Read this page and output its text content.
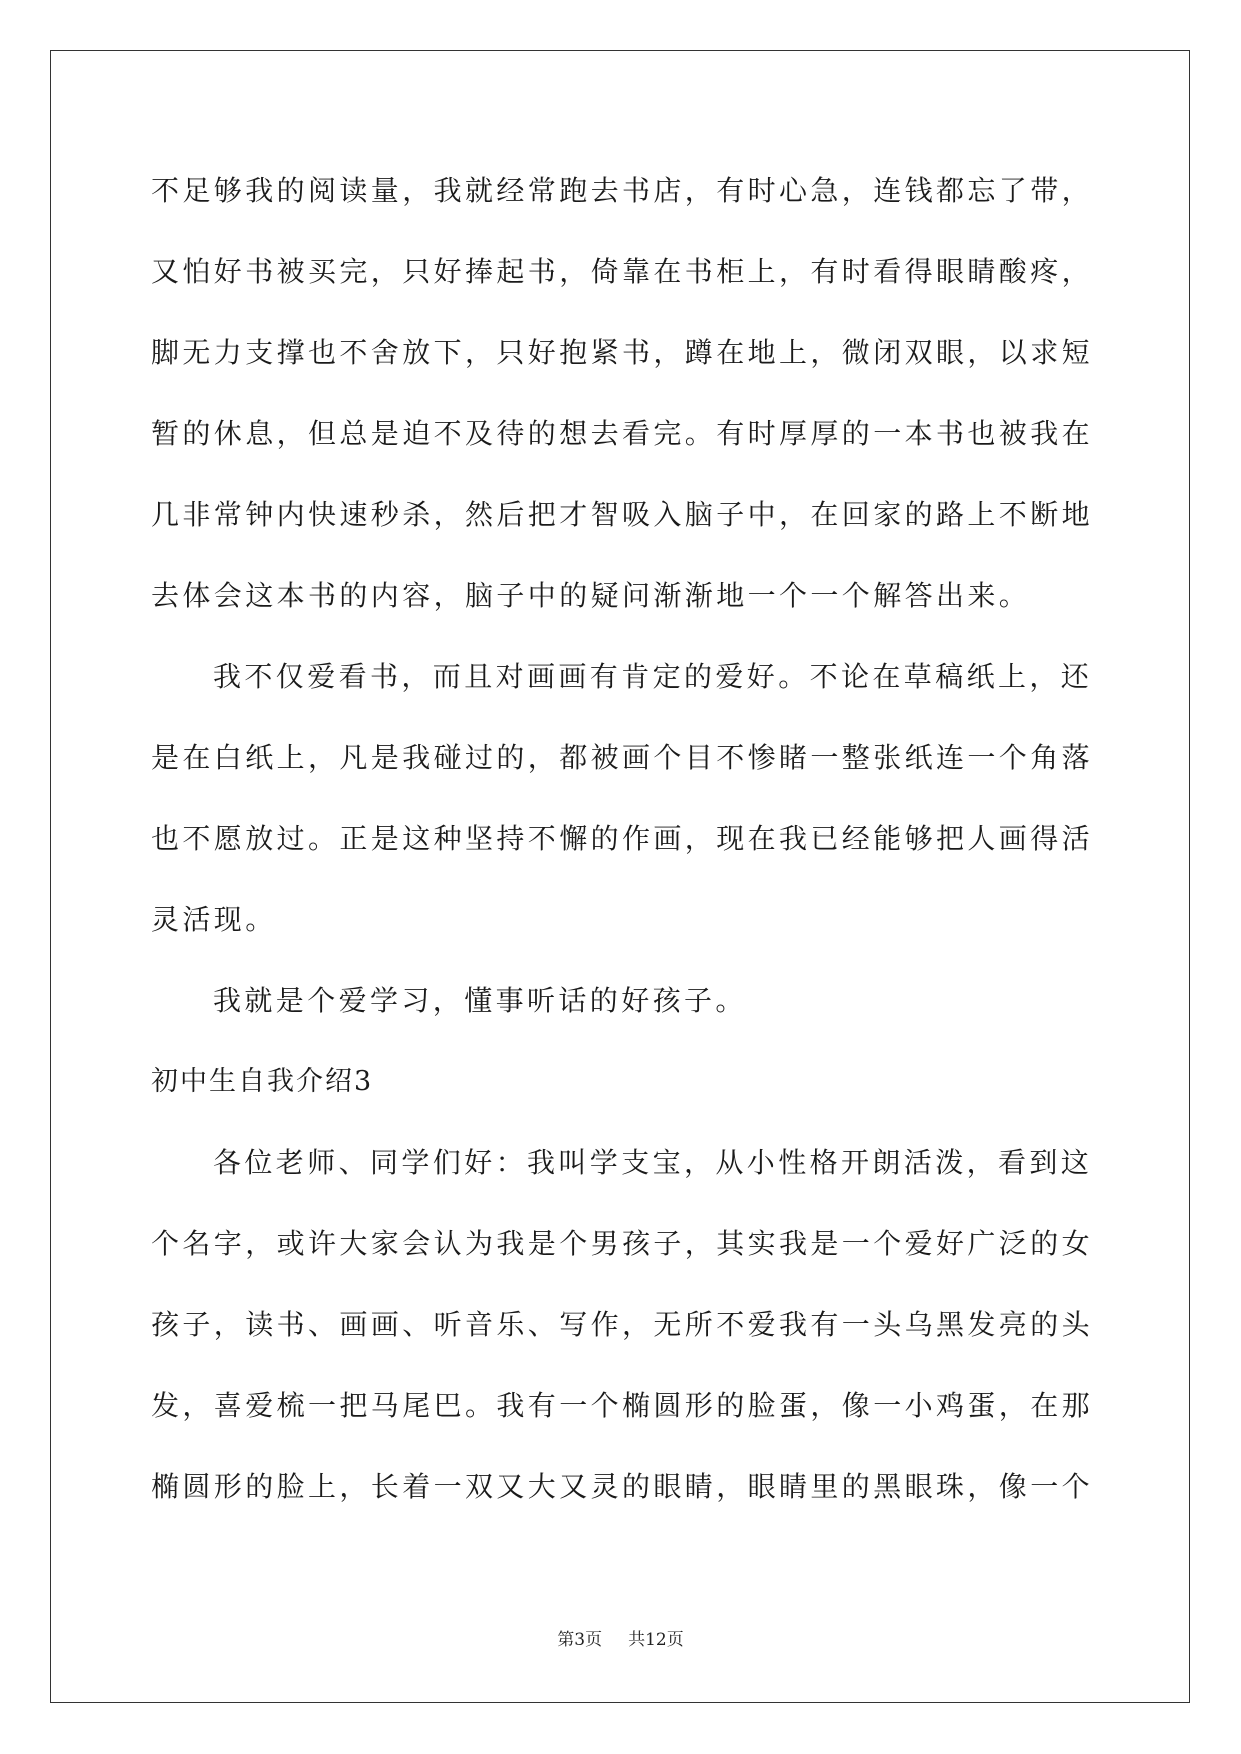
不足够我的阅读量，我就经常跑去书店，有时心急，连钱都忘了带，
又怕好书被买完，只好捧起书，倚靠在书柜上，有时看得眼睛酸疼，
脚无力支撑也不舍放下，只好抱紧书，蹲在地上，微闭双眼，以求短
暂的休息，但总是迫不及待的想去看完。有时厚厚的一本书也被我在
几非常钟内快速秒杀，然后把才智吸入脑子中，在回家的路上不断地
去体会这本书的内容，脑子中的疑问渐渐地一个一个解答出来。
我不仅爱看书，而且对画画有肯定的爱好。不论在草稿纸上，还
是在白纸上，凡是我碰过的，都被画个目不惨睹一整张纸连一个角落
也不愿放过。正是这种坚持不懈的作画，现在我已经能够把人画得活
灵活现。
我就是个爱学习，懂事听话的好孩子。
初中生自我介绍3
各位老师、同学们好：我叫学支宝，从小性格开朗活泼，看到这
个名字，或许大家会认为我是个男孩子，其实我是一个爱好广泛的女
孩子，读书、画画、听音乐、写作，无所不爱我有一头乌黑发亮的头
发，喜爱梳一把马尾巴。我有一个椭圆形的脸蛋，像一小鸡蛋，在那
椭圆形的脸上，长着一双又大又灵的眼睛，眼睛里的黑眼珠，像一个
第3页 共12页
